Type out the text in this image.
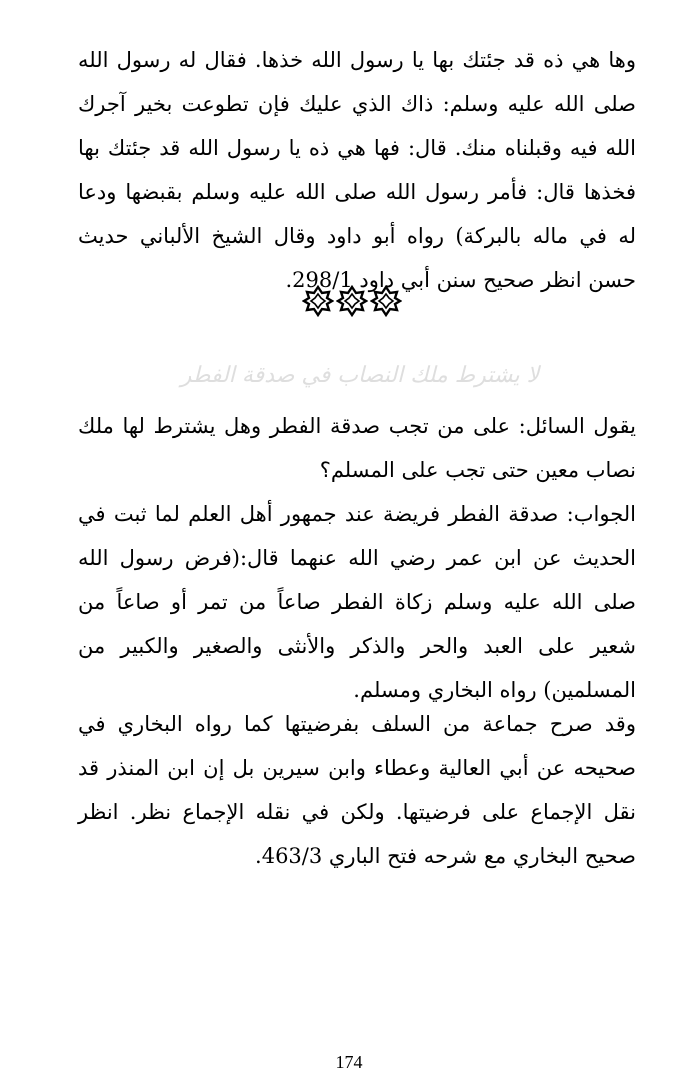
وها هي ذه قد جئتك بها يا رسول الله خذها. فقال له رسول الله صلى الله عليه وسلم: ذاك الذي عليك فإن تطوعت بخير آجرك الله فيه وقبلناه منك. قال: فها هي ذه يا رسول الله قد جئتك بها فخذها قال: فأمر رسول الله صلى الله عليه وسلم بقبضها ودعا له في ماله بالبركة) رواه أبو داود وقال الشيخ الألباني حديث حسن انظر صحيح سنن أبي داود 298/1.

لا يشترط ملك النصاب في صدقة الفطر

يقول السائل: على من تجب صدقة الفطر وهل يشترط لها ملك نصاب معين حتى تجب على المسلم؟

الجواب: صدقة الفطر فريضة عند جمهور أهل العلم لما ثبت في الحديث عن ابن عمر رضي الله عنهما قال:(فرض رسول الله صلى الله عليه وسلم زكاة الفطر صاعاً من تمر أو صاعاً من شعير على العبد والحر والذكر والأنثى والصغير والكبير من المسلمين) رواه البخاري ومسلم.

وقد صرح جماعة من السلف بفرضيتها كما رواه البخاري في صحيحه عن أبي العالية وعطاء وابن سيرين بل إن ابن المنذر قد نقل الإجماع على فرضيتها. ولكن في نقله الإجماع نظر. انظر صحيح البخاري مع شرحه فتح الباري 463/3.

174
